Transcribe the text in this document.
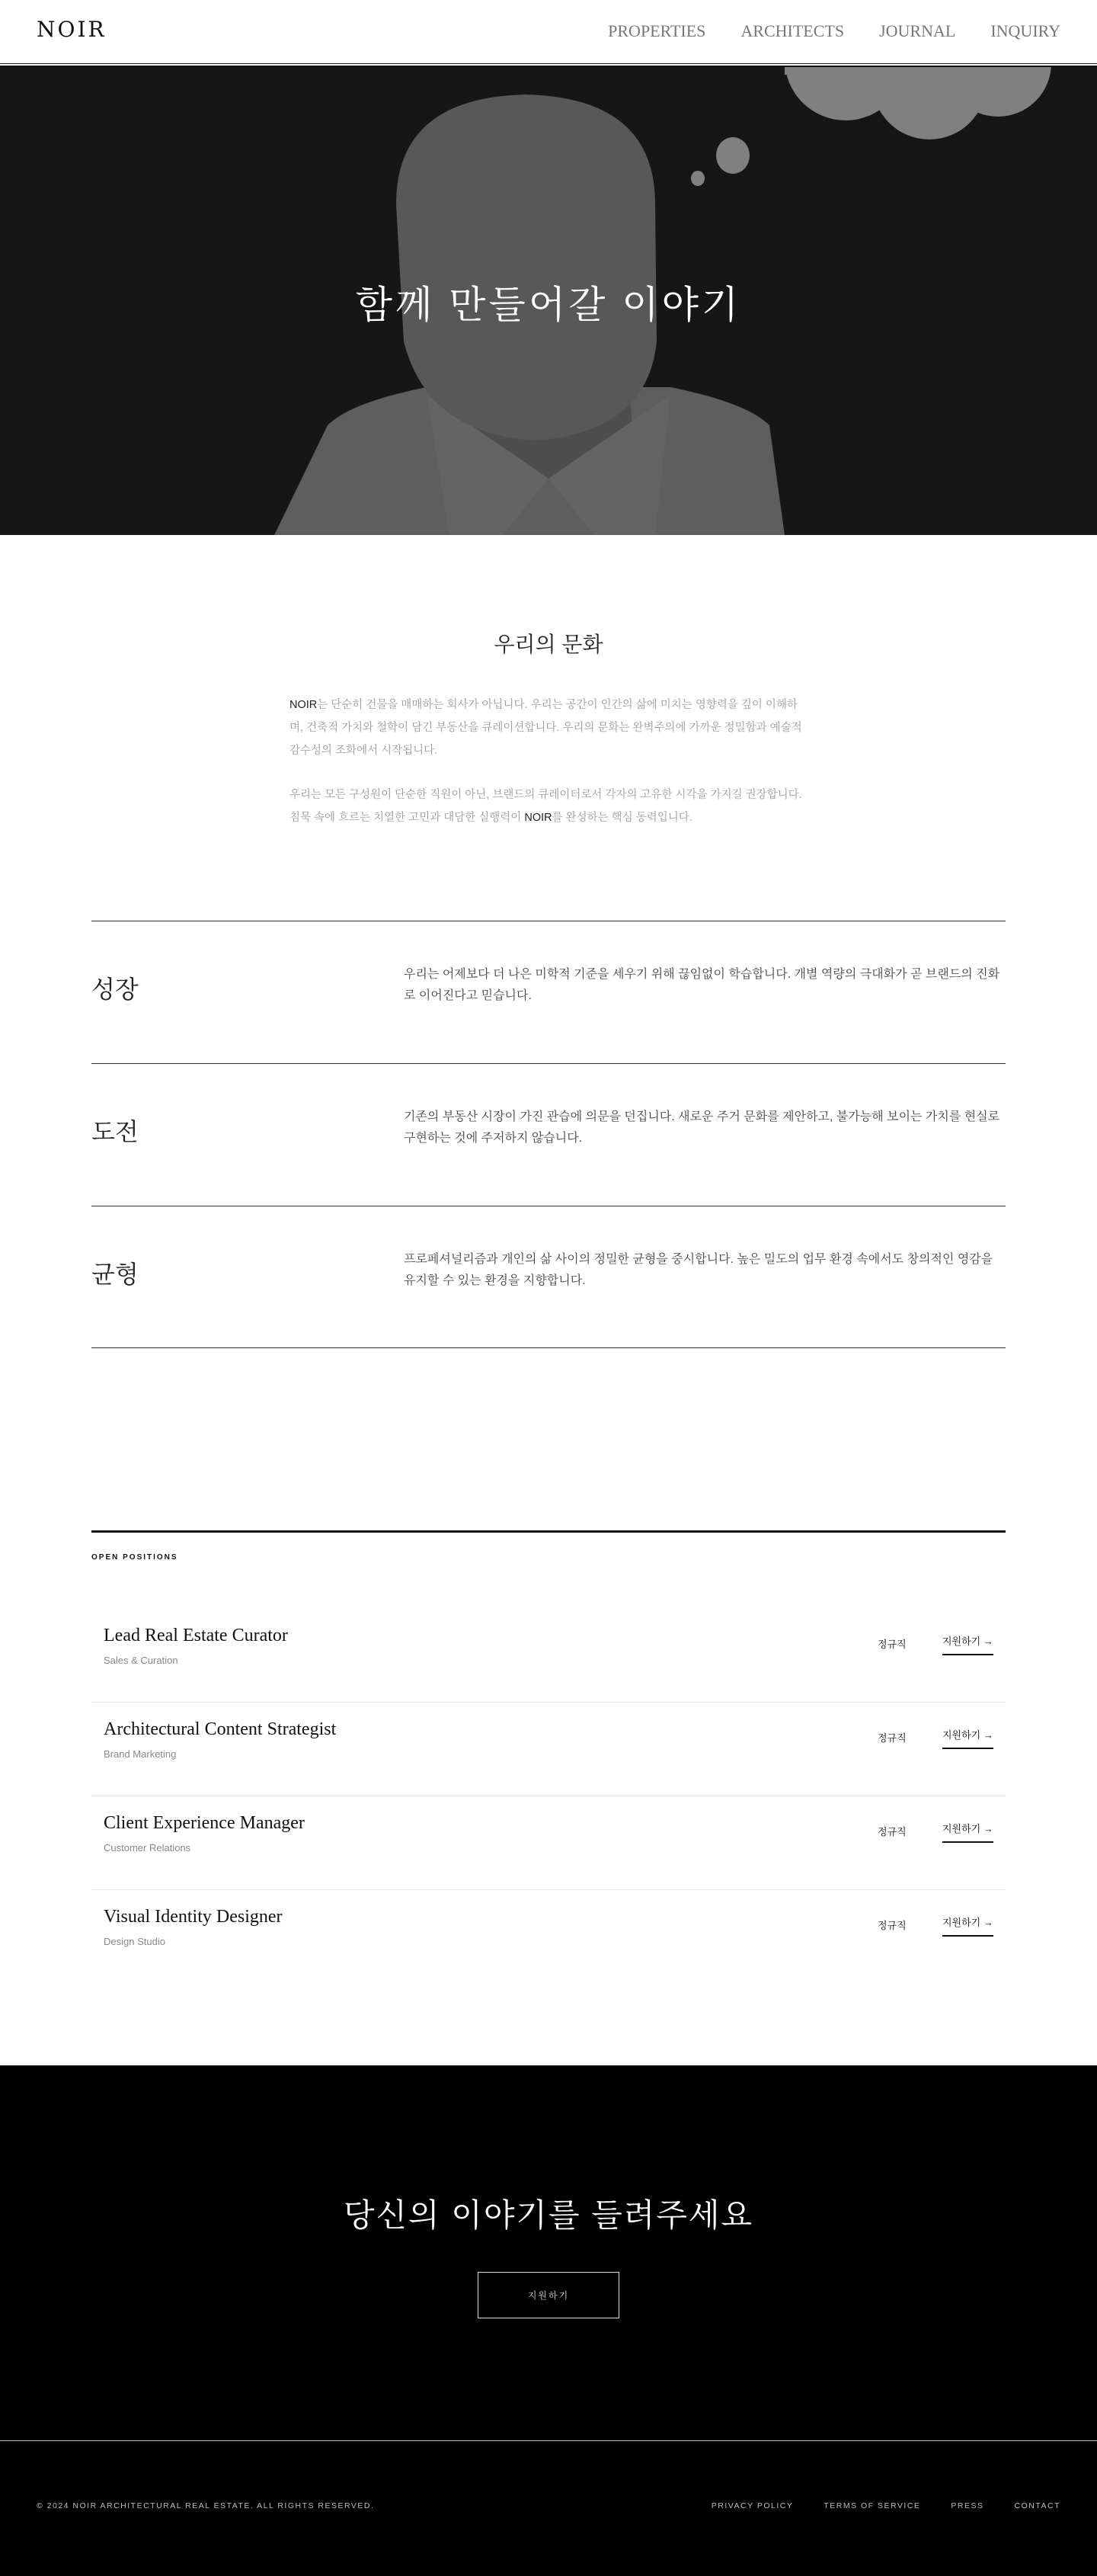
NOIR	PROPERTIES ARCHITECTS JOURNAL INQUIRY
함께 만들어갈 이야기
우리의 문화

NOIR는 단순히 건물을 매매하는 회사가 아닙니다. 우리는 공간이 인간의 삶에 미치는 영향력을 깊이 이해하며, 건축적 가치와 철학이 담긴 부동산을 큐레이션합니다. 우리의 문화는 완벽주의에 가까운 정밀함과 예술적 감수성의 조화에서 시작됩니다.

우리는 모든 구성원이 단순한 직원이 아닌, 브랜드의 큐레이터로서 각자의 고유한 시각을 가지길 권장합니다. 침묵 속에 흐르는 치열한 고민과 대담한 실행력이 NOIR를 완성하는 핵심 동력입니다.

성장

우리는 어제보다 더 나은 미학적 기준을 세우기 위해 끊임없이 학습합니다. 개별 역량의 극대화가 곧 브랜드의 진화로 이어진다고 믿습니다.

도전

기존의 부동산 시장이 가진 관습에 의문을 던집니다. 새로운 주거 문화를 제안하고, 불가능해 보이는 가치를 현실로 구현하는 것에 주저하지 않습니다.

균형

프로페셔널리즘과 개인의 삶 사이의 정밀한 균형을 중시합니다. 높은 밀도의 업무 환경 속에서도 창의적인 영감을 유지할 수 있는 환경을 지향합니다.

OPEN POSITIONS
Lead Real Estate Curator
Sales & Curation
정규직	지원하기 →
Architectural Content Strategist
Brand Marketing
정규직	지원하기 →
Client Experience Manager
Customer Relations
정규직	지원하기 →
Visual Identity Designer
Design Studio
정규직	지원하기 →
당신의 이야기를 들려주세요
지원하기
© 2024 NOIR ARCHITECTURAL REAL ESTATE. ALL RIGHTS RESERVED.	PRIVACY POLICY	TERMS OF SERVICE	PRESS	CONTACT
